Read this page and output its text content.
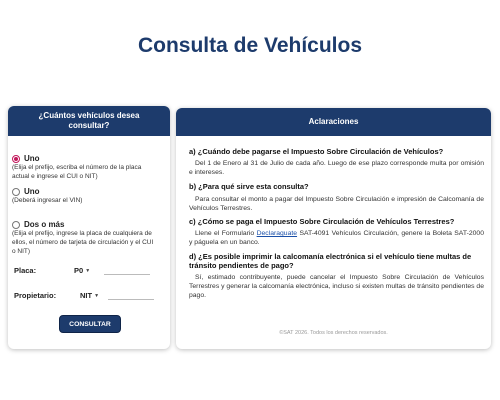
Consulta de Vehículos
¿Cuántos vehículos desea consultar?
Uno
(Elija el prefijo, escriba el número de la placa actual e ingrese el CUI o NIT)
Uno
(Deberá ingresar el VIN)
Dos o más
(Elija el prefijo, ingrese la placa de cualquiera de ellos, el número de tarjeta de circulación y el CUI o NIT)
Placa:	P0 ▼
Propietario:	NIT ▼
CONSULTAR
Aclaraciones
a) ¿Cuándo debe pagarse el Impuesto Sobre Circulación de Vehículos?
Del 1 de Enero al 31 de Julio de cada año. Luego de ese plazo corresponde multa por omisión e intereses.
b) ¿Para qué sirve esta consulta?
Para consultar el monto a pagar del Impuesto Sobre Circulación e impresión de Calcomanía de Vehículos Terrestres.
c) ¿Cómo se paga el Impuesto Sobre Circulación de Vehículos Terrestres?
Llene el Formulario Declaraguate SAT-4091 Vehículos Circulación, genere la Boleta SAT-2000 y páguela en un banco.
d) ¿Es posible imprimir la calcomanía electrónica si el vehículo tiene multas de tránsito pendientes de pago?
Sí, estimado contribuyente, puede cancelar el Impuesto Sobre Circulación de Vehículos Terrestres y generar la calcomanía electrónica, incluso si existen multas de tránsito pendientes de pago.
©SAT 2026. Todos los derechos reservados.
